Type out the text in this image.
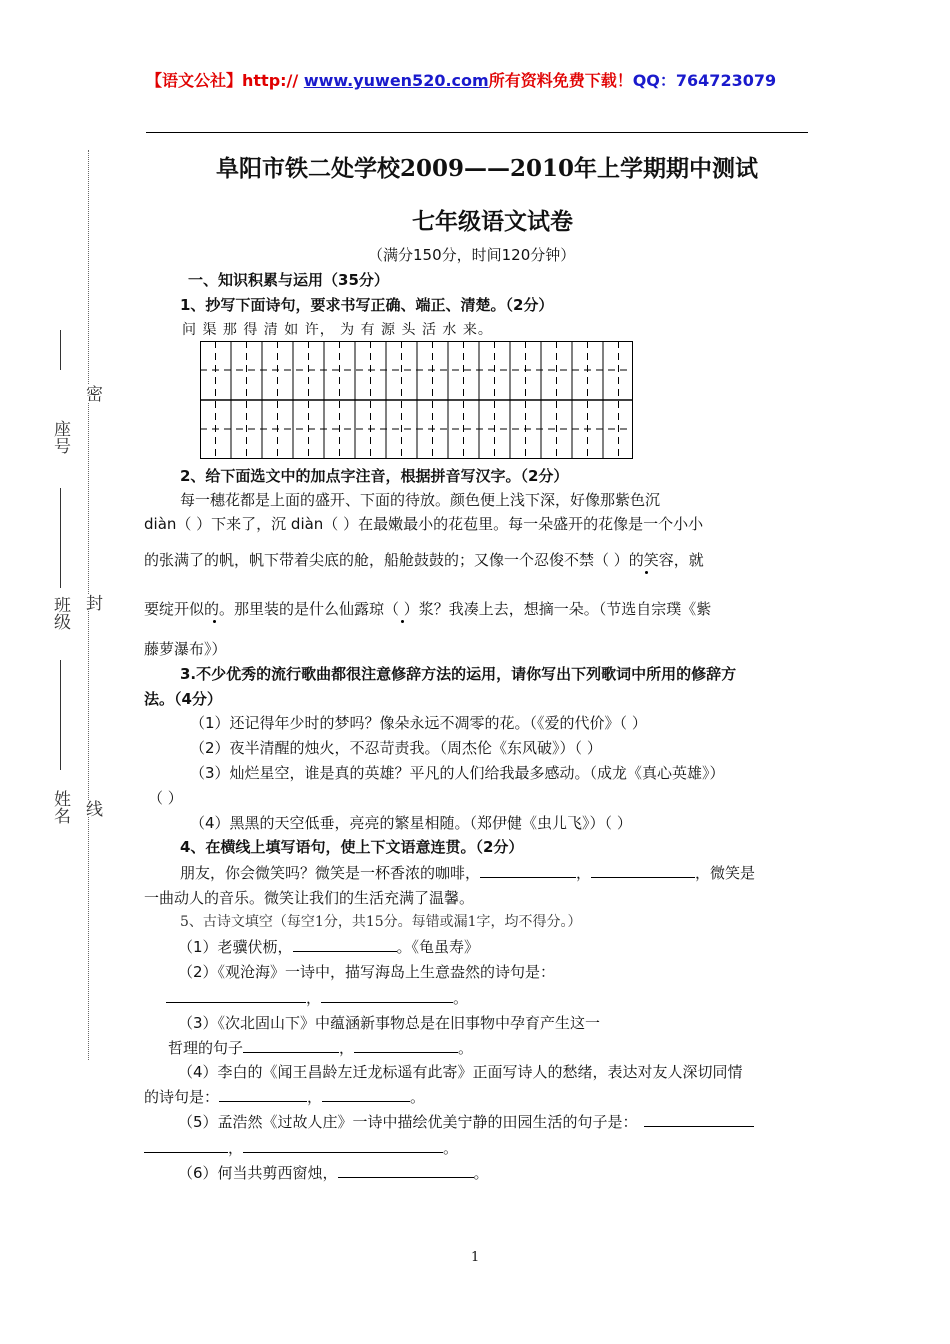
【语文公社】http:// www.yuwen520.com所有资料免费下载！QQ：764723079
座号
班级
姓名
密
封
线
阜阳市铁二处学校2009——2010年上学期期中测试
七年级语文试卷
（满分150分，时间120分钟）
一、知识积累与运用（35分）
1、抄写下面诗句，要求书写正确、端正、清楚。（2分）
问 渠 那 得 清 如 许， 为 有 源 头 活 水 来。
2、给下面选文中的加点字注音，根据拼音写汉字。（2分）
每一穗花都是上面的盛开、下面的待放。颜色便上浅下深，好像那紫色沉
diàn（ ）下来了，沉 diàn（ ）在最嫩最小的花苞里。每一朵盛开的花像是一个小小
的张满了的帆，帆下带着尖底的舱，船舱鼓鼓的；又像一个忍俊不禁（ ）的笑容，就
要绽开似的。那里装的是什么仙露琼（ ）浆？我凑上去，想摘一朵。（节选自宗璞《紫
藤萝瀑布》）
3.不少优秀的流行歌曲都很注意修辞方法的运用，请你写出下列歌词中所用的修辞方
法。（4分）
（1）还记得年少时的梦吗？像朵永远不凋零的花。（《爱的代价》（ ）
（2）夜半清醒的烛火，不忍苛责我。（周杰伦《东风破》）（ ）
（3）灿烂星空，谁是真的英雄？平凡的人们给我最多感动。（成龙《真心英雄》）
（ ）
（4）黑黑的天空低垂，亮亮的繁星相随。（郑伊健《虫儿飞》）（ ）
4、在横线上填写语句，使上下文语意连贯。（2分）
朋友，你会微笑吗？微笑是一杯香浓的咖啡，	，	，微笑是
一曲动人的音乐。微笑让我们的生活充满了温馨。
5、古诗文填空（每空1分，共15分。每错或漏1字，均不得分。）
（1）老骥伏枥，	。《龟虽寿》
（2）《观沧海》一诗中，描写海岛上生意盎然的诗句是：
，	。
（3）《次北固山下》中蕴涵新事物总是在旧事物中孕育产生这一
哲理的句子	，	。
（4）李白的《闻王昌龄左迁龙标遥有此寄》正面写诗人的愁绪，表达对友人深切同情
的诗句是：	，	。
（5）孟浩然《过故人庄》一诗中描绘优美宁静的田园生活的句子是：
，	。
（6）何当共剪西窗烛，	。
1
